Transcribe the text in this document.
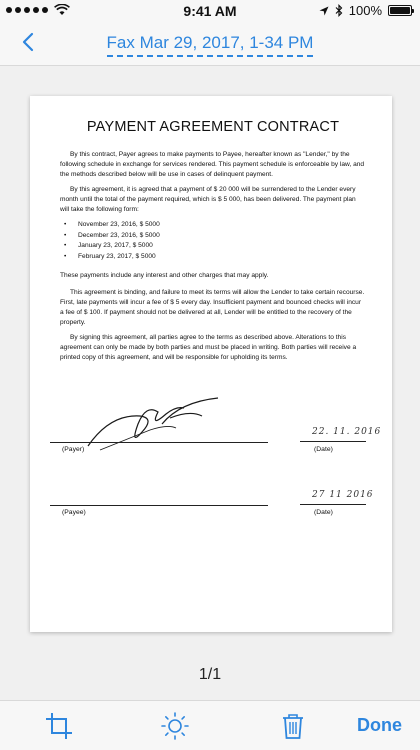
9:41 AM	100%
Fax Mar 29, 2017, 1-34 PM
PAYMENT AGREEMENT CONTRACT

By this contract, Payer agrees to make payments to Payee, hereafter known as "Lender," by the following schedule in exchange for services rendered. This payment schedule is enforceable by law, and the methods described below will be use in cases of delinquent payment.

By this agreement, it is agreed that a payment of $ 20 000 will be surrendered to the Lender every month until the total of the payment required, which is $ 5 000, has been delivered. The payment plan will take the following form:

• November 23, 2016, $ 5000
• December 23, 2016, $ 5000
• January 23, 2017, $ 5000
• February 23, 2017, $ 5000

These payments include any interest and other charges that may apply.

This agreement is binding, and failure to meet its terms will allow the Lender to take certain recourse. First, late payments will incur a fee of $ 5 every day. Insufficient payment and bounced checks will incur a fee of $ 100. If payment should not be delivered at all, Lender will be entitled to the recovery of the property.

By signing this agreement, all parties agree to the terms as described above. Alterations to this agreement can only be made by both parties and must be placed in writing. Both parties will receive a printed copy of this agreement, and will be responsible for upholding its terms.

(Payer)
22. 11. 2016
(Date)
(Payee)
27 11 2016
(Date)
1/1
Done
